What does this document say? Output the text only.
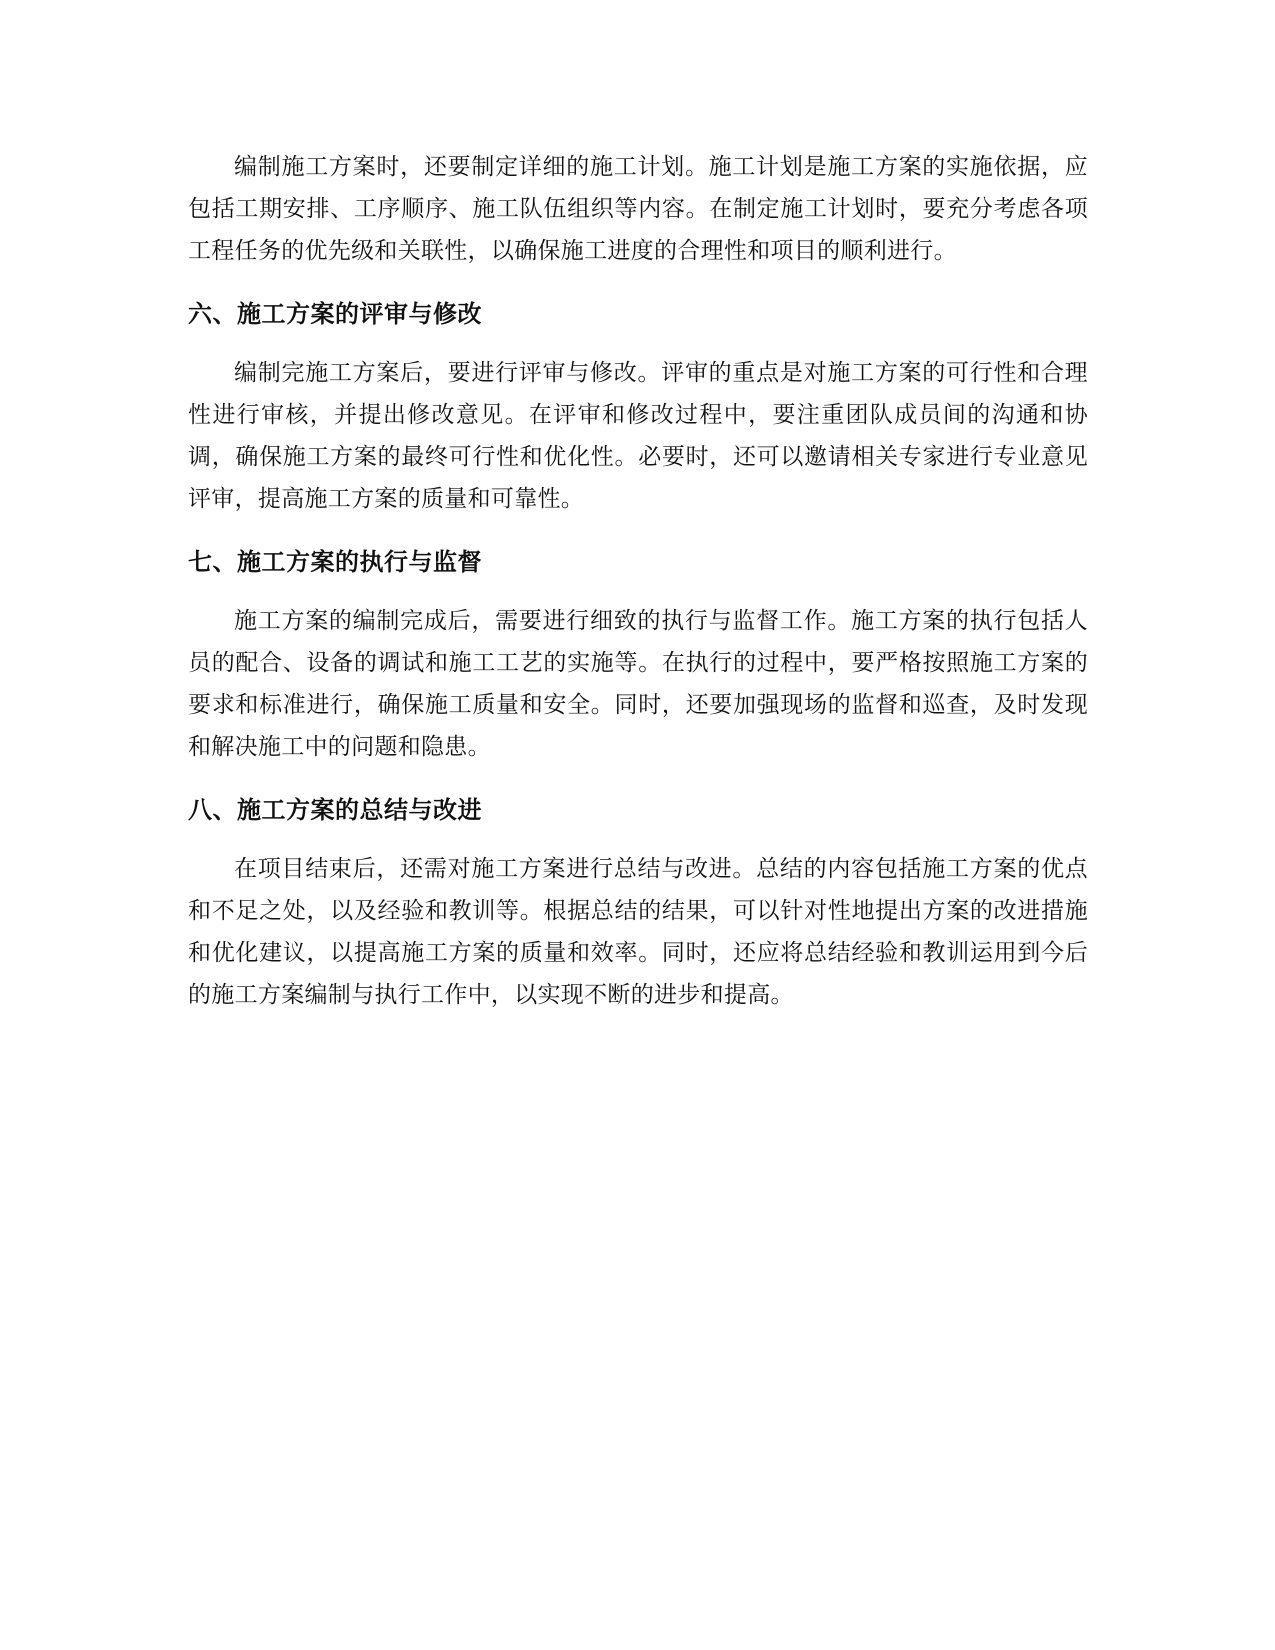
编制施工方案时，还要制定详细的施工计划。施工计划是施工方案的实施依据，应包括工期安排、工序顺序、施工队伍组织等内容。在制定施工计划时，要充分考虑各项工程任务的优先级和关联性，以确保施工进度的合理性和项目的顺利进行。

六、施工方案的评审与修改

编制完施工方案后，要进行评审与修改。评审的重点是对施工方案的可行性和合理性进行审核，并提出修改意见。在评审和修改过程中，要注重团队成员间的沟通和协调，确保施工方案的最终可行性和优化性。必要时，还可以邀请相关专家进行专业意见评审，提高施工方案的质量和可靠性。

七、施工方案的执行与监督

施工方案的编制完成后，需要进行细致的执行与监督工作。施工方案的执行包括人员的配合、设备的调试和施工工艺的实施等。在执行的过程中，要严格按照施工方案的要求和标准进行，确保施工质量和安全。同时，还要加强现场的监督和巡查，及时发现和解决施工中的问题和隐患。

八、施工方案的总结与改进

在项目结束后，还需对施工方案进行总结与改进。总结的内容包括施工方案的优点和不足之处，以及经验和教训等。根据总结的结果，可以针对性地提出方案的改进措施和优化建议，以提高施工方案的质量和效率。同时，还应将总结经验和教训运用到今后的施工方案编制与执行工作中，以实现不断的进步和提高。
